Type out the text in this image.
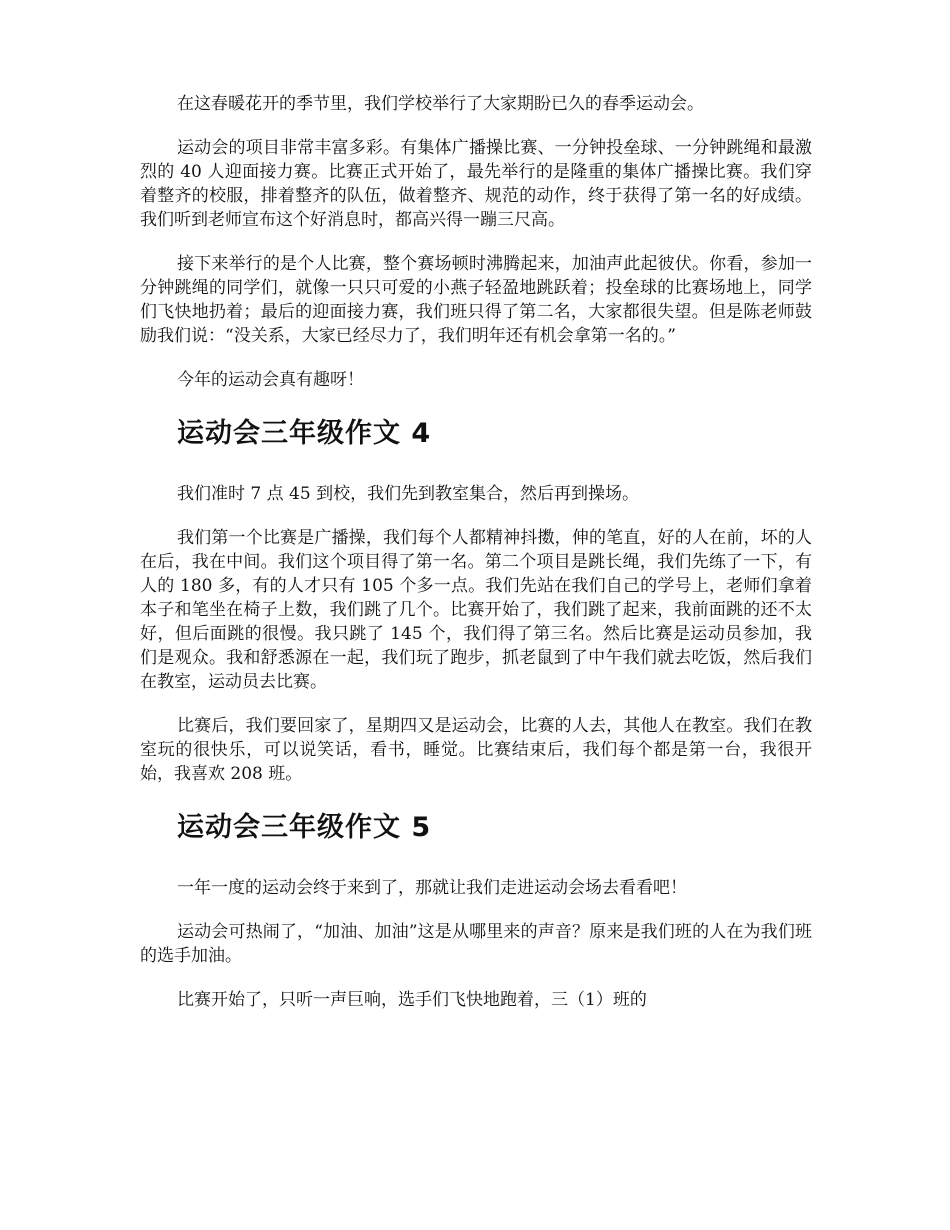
在这春暖花开的季节里，我们学校举行了大家期盼已久的春季运动会。

运动会的项目非常丰富多彩。有集体广播操比赛、一分钟投垒球、一分钟跳绳和最激烈的 40 人迎面接力赛。比赛正式开始了，最先举行的是隆重的集体广播操比赛。我们穿着整齐的校服，排着整齐的队伍，做着整齐、规范的动作，终于获得了第一名的好成绩。我们听到老师宣布这个好消息时，都高兴得一蹦三尺高。

接下来举行的是个人比赛，整个赛场顿时沸腾起来，加油声此起彼伏。你看，参加一分钟跳绳的同学们，就像一只只可爱的小燕子轻盈地跳跃着；投垒球的比赛场地上，同学们飞快地扔着；最后的迎面接力赛，我们班只得了第二名，大家都很失望。但是陈老师鼓励我们说：“没关系，大家已经尽力了，我们明年还有机会拿第一名的。”

今年的运动会真有趣呀！

运动会三年级作文 4

我们准时 7 点 45 到校，我们先到教室集合，然后再到操场。

我们第一个比赛是广播操，我们每个人都精神抖擞，伸的笔直，好的人在前，坏的人在后，我在中间。我们这个项目得了第一名。第二个项目是跳长绳，我们先练了一下，有人的 180 多，有的人才只有 105 个多一点。我们先站在我们自己的学号上，老师们拿着本子和笔坐在椅子上数，我们跳了几个。比赛开始了，我们跳了起来，我前面跳的还不太好，但后面跳的很慢。我只跳了 145 个，我们得了第三名。然后比赛是运动员参加，我们是观众。我和舒悉源在一起，我们玩了跑步，抓老鼠到了中午我们就去吃饭，然后我们在教室，运动员去比赛。

比赛后，我们要回家了，星期四又是运动会，比赛的人去，其他人在教室。我们在教室玩的很快乐，可以说笑话，看书，睡觉。比赛结束后，我们每个都是第一台，我很开始，我喜欢 208 班。

运动会三年级作文 5

一年一度的运动会终于来到了，那就让我们走进运动会场去看看吧！

运动会可热闹了，“加油、加油”这是从哪里来的声音？原来是我们班的人在为我们班的选手加油。

比赛开始了，只听一声巨响，选手们飞快地跑着，三（1）班的
